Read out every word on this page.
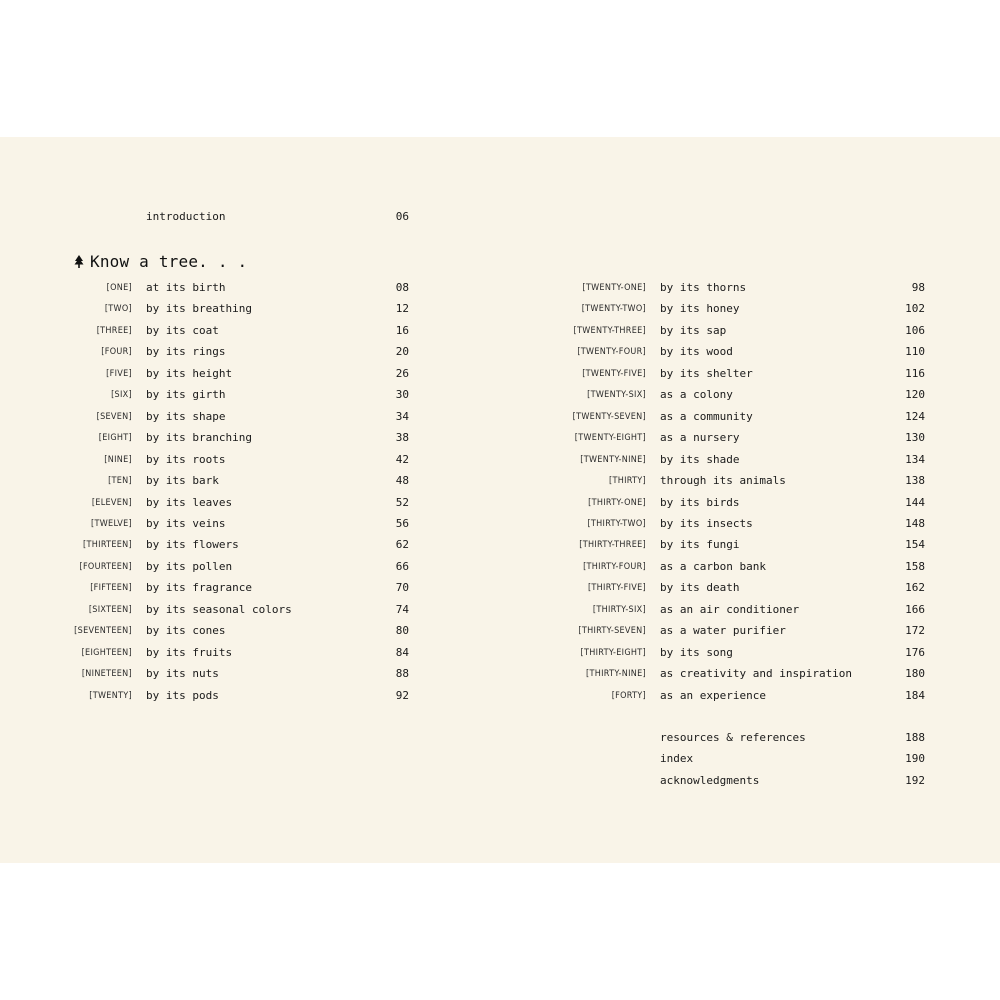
introduction	06
Know a tree. . .
[ONE] at its birth	08
[TWO] by its breathing	12
[THREE] by its coat	16
[FOUR] by its rings	20
[FIVE] by its height	26
[SIX] by its girth	30
[SEVEN] by its shape	34
[EIGHT] by its branching	38
[NINE] by its roots	42
[TEN] by its bark	48
[ELEVEN] by its leaves	52
[TWELVE] by its veins	56
[THIRTEEN] by its flowers	62
[FOURTEEN] by its pollen	66
[FIFTEEN] by its fragrance	70
[SIXTEEN] by its seasonal colors	74
[SEVENTEEN] by its cones	80
[EIGHTEEN] by its fruits	84
[NINETEEN] by its nuts	88
[TWENTY] by its pods	92
[TWENTY-ONE] by its thorns	98
[TWENTY-TWO] by its honey	102
[TWENTY-THREE] by its sap	106
[TWENTY-FOUR] by its wood	110
[TWENTY-FIVE] by its shelter	116
[TWENTY-SIX] as a colony	120
[TWENTY-SEVEN] as a community	124
[TWENTY-EIGHT] as a nursery	130
[TWENTY-NINE] by its shade	134
[THIRTY] through its animals	138
[THIRTY-ONE] by its birds	144
[THIRTY-TWO] by its insects	148
[THIRTY-THREE] by its fungi	154
[THIRTY-FOUR] as a carbon bank	158
[THIRTY-FIVE] by its death	162
[THIRTY-SIX] as an air conditioner	166
[THIRTY-SEVEN] as a water purifier	172
[THIRTY-EIGHT] by its song	176
[THIRTY-NINE] as creativity and inspiration	180
[FORTY] as an experience	184
resources & references	188
index	190
acknowledgments	192
